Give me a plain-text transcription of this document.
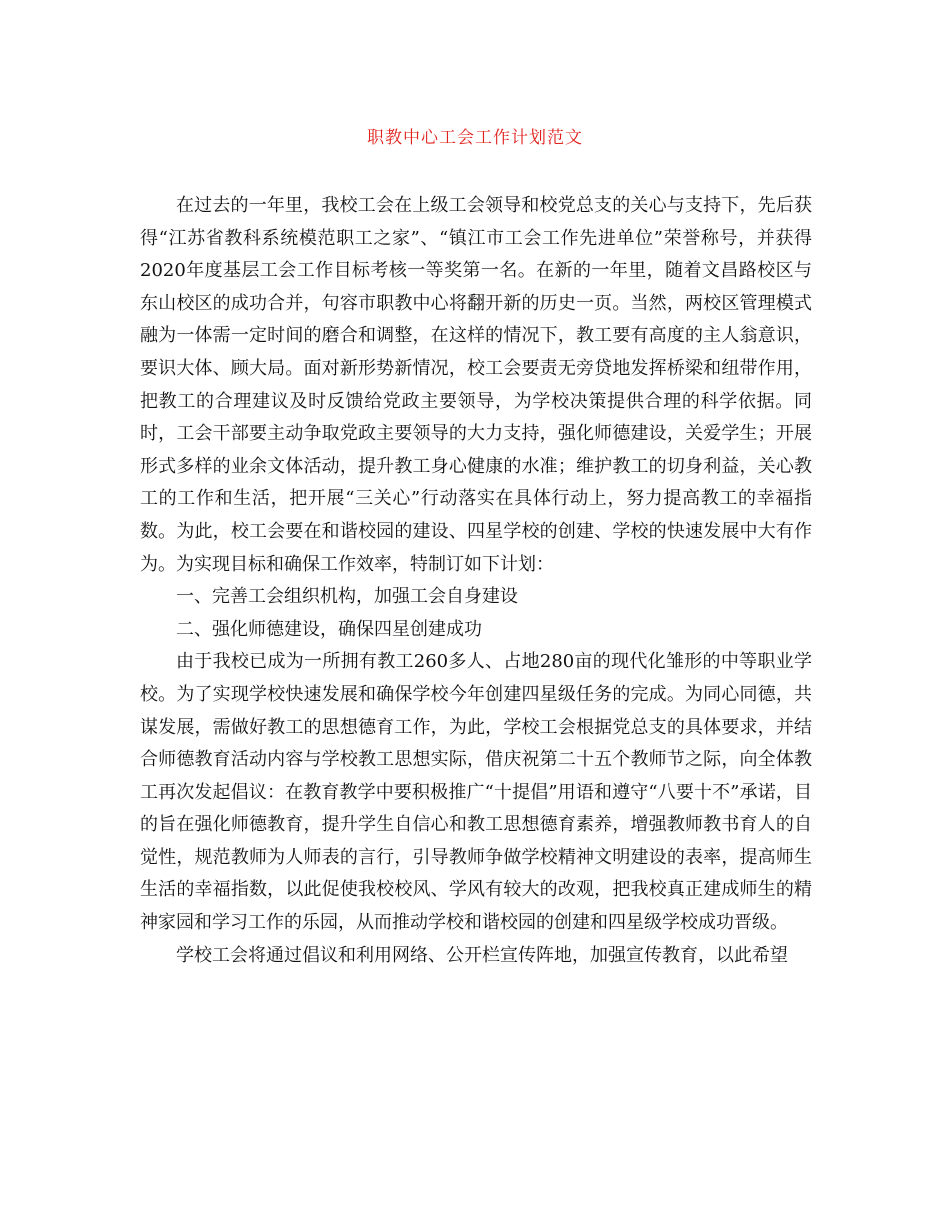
职教中心工会工作计划范文

在过去的一年里，我校工会在上级工会领导和校党总支的关心与支持下，先后获得“江苏省教科系统模范职工之家”、“镇江市工会工作先进单位”荣誉称号，并获得2020年度基层工会工作目标考核一等奖第一名。在新的一年里，随着文昌路校区与东山校区的成功合并，句容市职教中心将翻开新的历史一页。当然，两校区管理模式融为一体需一定时间的磨合和调整，在这样的情况下，教工要有高度的主人翁意识，要识大体、顾大局。面对新形势新情况，校工会要责无旁贷地发挥桥梁和纽带作用，把教工的合理建议及时反馈给党政主要领导，为学校决策提供合理的科学依据。同时，工会干部要主动争取党政主要领导的大力支持，强化师德建设，关爱学生；开展形式多样的业余文体活动，提升教工身心健康的水准；维护教工的切身利益，关心教工的工作和生活，把开展“三关心”行动落实在具体行动上，努力提高教工的幸福指数。为此，校工会要在和谐校园的建设、四星学校的创建、学校的快速发展中大有作为。为实现目标和确保工作效率，特制订如下计划：

一、完善工会组织机构，加强工会自身建设

二、强化师德建设，确保四星创建成功

由于我校已成为一所拥有教工260多人、占地280亩的现代化雏形的中等职业学校。为了实现学校快速发展和确保学校今年创建四星级任务的完成。为同心同德，共谋发展，需做好教工的思想德育工作，为此，学校工会根据党总支的具体要求，并结合师德教育活动内容与学校教工思想实际，借庆祝第二十五个教师节之际，向全体教工再次发起倡议：在教育教学中要积极推广“十提倡”用语和遵守“八要十不”承诺，目的旨在强化师德教育，提升学生自信心和教工思想德育素养，增强教师教书育人的自觉性，规范教师为人师表的言行，引导教师争做学校精神文明建设的表率，提高师生生活的幸福指数，以此促使我校校风、学风有较大的改观，把我校真正建成师生的精神家园和学习工作的乐园，从而推动学校和谐校园的创建和四星级学校成功晋级。

学校工会将通过倡议和利用网络、公开栏宣传阵地，加强宣传教育，以此希望
